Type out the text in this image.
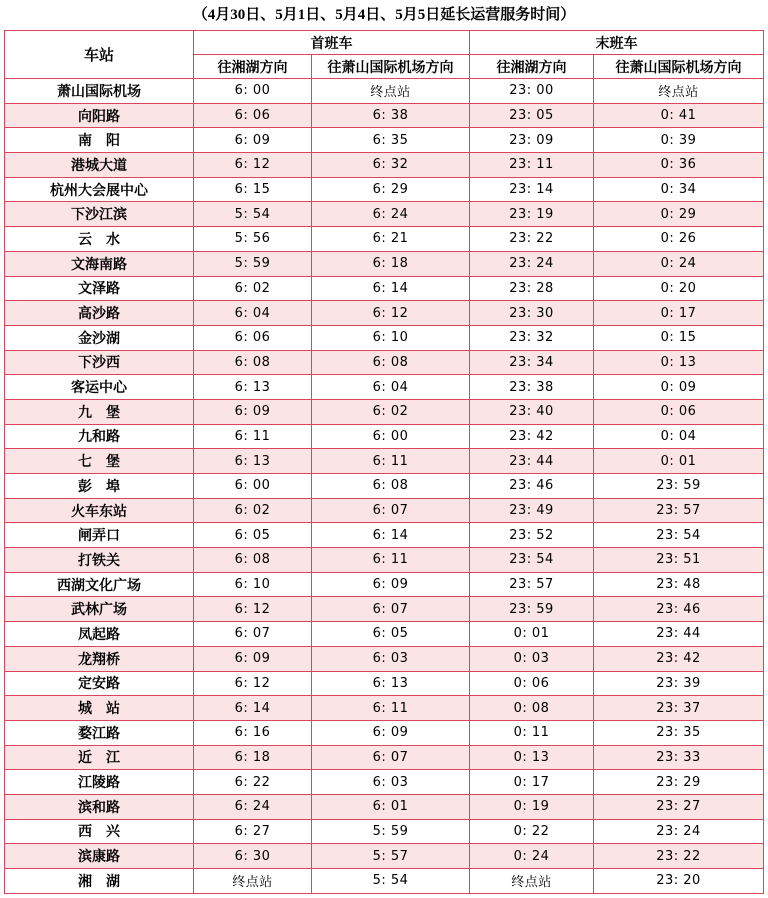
（4月30日、5月1日、5月4日、5月5日延长运营服务时间）
车站	首班车		末班车	
	往湘湖方向	往萧山国际机场方向	往湘湖方向	往萧山国际机场方向
萧山国际机场	6: 00	终点站	23: 00	终点站
向阳路	6: 06	6: 38	23: 05	0: 41
南　阳	6: 09	6: 35	23: 09	0: 39
港城大道	6: 12	6: 32	23: 11	0: 36
杭州大会展中心	6: 15	6: 29	23: 14	0: 34
下沙江滨	5: 54	6: 24	23: 19	0: 29
云　水	5: 56	6: 21	23: 22	0: 26
文海南路	5: 59	6: 18	23: 24	0: 24
文泽路	6: 02	6: 14	23: 28	0: 20
高沙路	6: 04	6: 12	23: 30	0: 17
金沙湖	6: 06	6: 10	23: 32	0: 15
下沙西	6: 08	6: 08	23: 34	0: 13
客运中心	6: 13	6: 04	23: 38	0: 09
九　堡	6: 09	6: 02	23: 40	0: 06
九和路	6: 11	6: 00	23: 42	0: 04
七　堡	6: 13	6: 11	23: 44	0: 01
彭　埠	6: 00	6: 08	23: 46	23: 59
火车东站	6: 02	6: 07	23: 49	23: 57
闸弄口	6: 05	6: 14	23: 52	23: 54
打铁关	6: 08	6: 11	23: 54	23: 51
西湖文化广场	6: 10	6: 09	23: 57	23: 48
武林广场	6: 12	6: 07	23: 59	23: 46
凤起路	6: 07	6: 05	0: 01	23: 44
龙翔桥	6: 09	6: 03	0: 03	23: 42
定安路	6: 12	6: 13	0: 06	23: 39
城　站	6: 14	6: 11	0: 08	23: 37
婺江路	6: 16	6: 09	0: 11	23: 35
近　江	6: 18	6: 07	0: 13	23: 33
江陵路	6: 22	6: 03	0: 17	23: 29
滨和路	6: 24	6: 01	0: 19	23: 27
西　兴	6: 27	5: 59	0: 22	23: 24
滨康路	6: 30	5: 57	0: 24	23: 22
湘　湖	终点站	5: 54	终点站	23: 20
